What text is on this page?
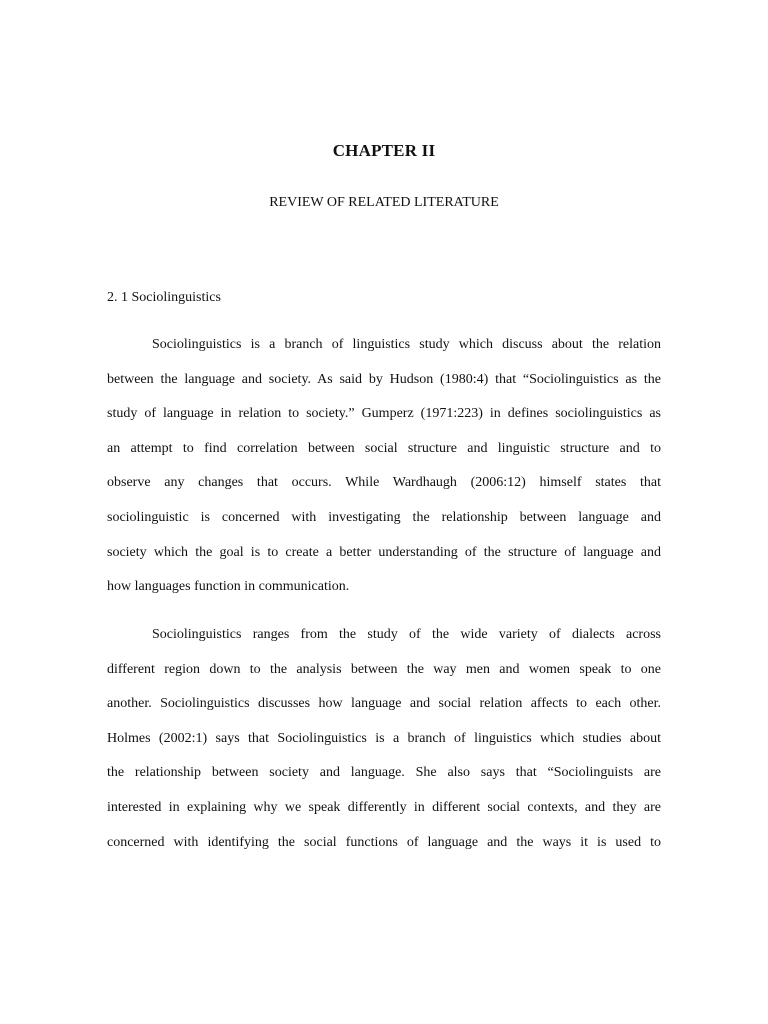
CHAPTER II
REVIEW OF RELATED LITERATURE
2. 1 Sociolinguistics
Sociolinguistics is a branch of linguistics study which discuss about the relation
between the language and society. As said by Hudson (1980:4) that “Sociolinguistics as the
study of language in relation to society.” Gumperz (1971:223) in defines sociolinguistics as
an attempt to find correlation between social structure and linguistic structure and to
observe any changes that occurs. While Wardhaugh (2006:12) himself states that
sociolinguistic is concerned with investigating the relationship between language and
society which the goal is to create a better understanding of the structure of language and
how languages function in communication.
Sociolinguistics ranges from the study of the wide variety of dialects across
different region down to the analysis between the way men and women speak to one
another. Sociolinguistics discusses how language and social relation affects to each other.
Holmes (2002:1) says that Sociolinguistics is a branch of linguistics which studies about
the relationship between society and language. She also says that “Sociolinguists are
interested in explaining why we speak differently in different social contexts, and they are
concerned with identifying the social functions of language and the ways it is used to
